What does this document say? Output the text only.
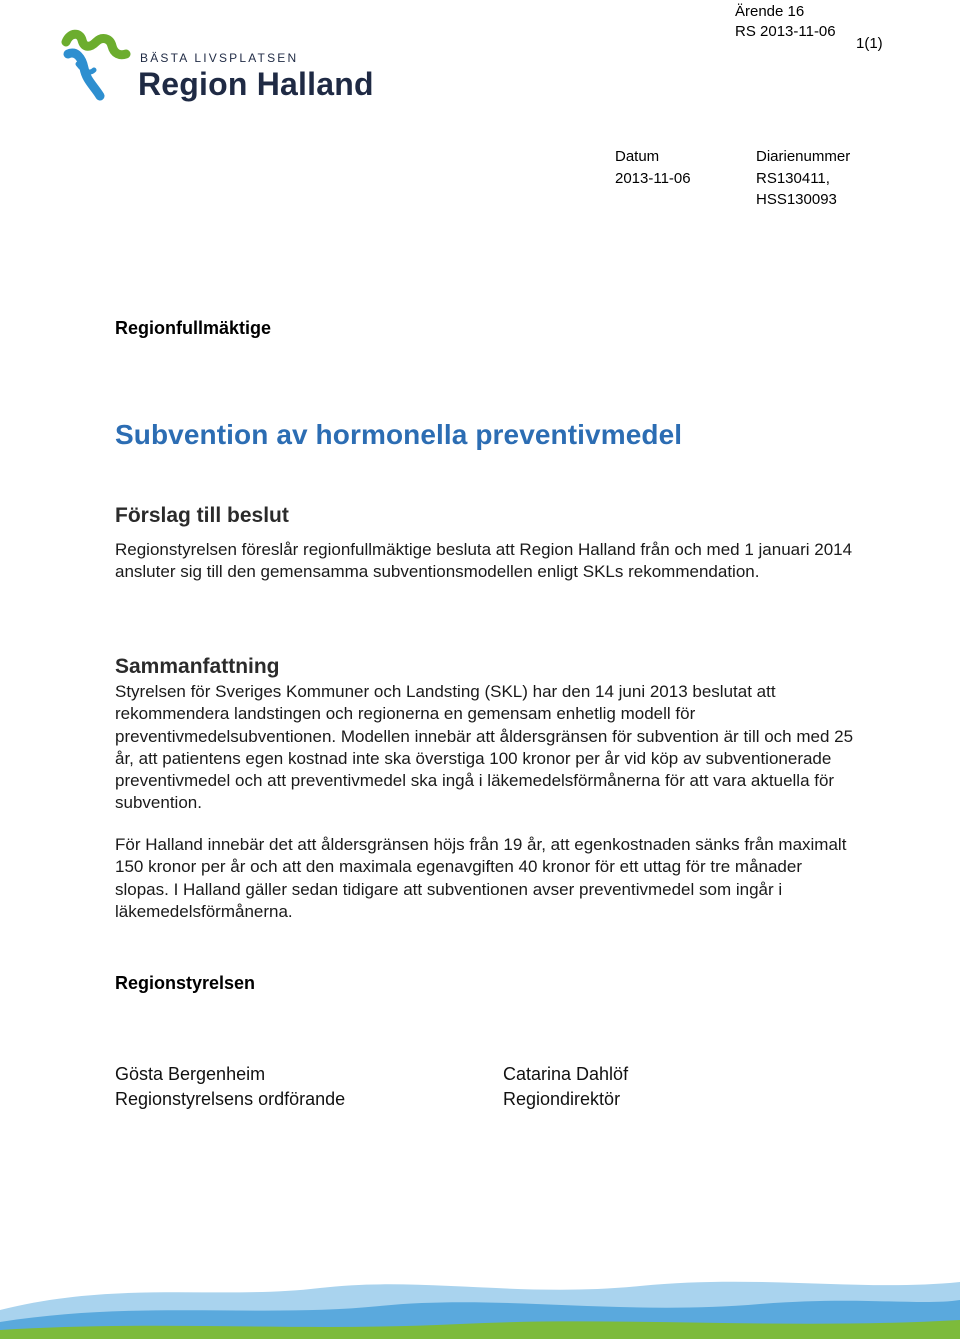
Ärende 16
RS 2013-11-06
1(1)
BÄSTA LIVSPLATSEN
Region Halland
Datum
2013-11-06
Diarienummer
RS130411,
HSS130093
Regionfullmäktige
Subvention av hormonella preventivmedel
Förslag till beslut

Regionstyrelsen föreslår regionfullmäktige besluta att Region Halland från och med 1 januari 2014 ansluter sig till den gemensamma subventionsmodellen enligt SKLs rekommendation.

Sammanfattning

Styrelsen för Sveriges Kommuner och Landsting (SKL) har den 14 juni 2013 beslutat att rekommendera landstingen och regionerna en gemensam enhetlig modell för preventivmedelsubventionen. Modellen innebär att åldersgränsen för subvention är till och med 25 år, att patientens egen kostnad inte ska överstiga 100 kronor per år vid köp av subventionerade preventivmedel och att preventivmedel ska ingå i läkemedelsförmånerna för att vara aktuella för subvention.

För Halland innebär det att åldersgränsen höjs från 19 år, att egenkostnaden sänks från maximalt 150 kronor per år och att den maximala egenavgiften 40 kronor för ett uttag för tre månader slopas. I Halland gäller sedan tidigare att subventionen avser preventivmedel som ingår i läkemedelsförmånerna.

Regionstyrelsen
Gösta Bergenheim
Regionstyrelsens ordförande
Catarina Dahlöf
Regiondirektör
